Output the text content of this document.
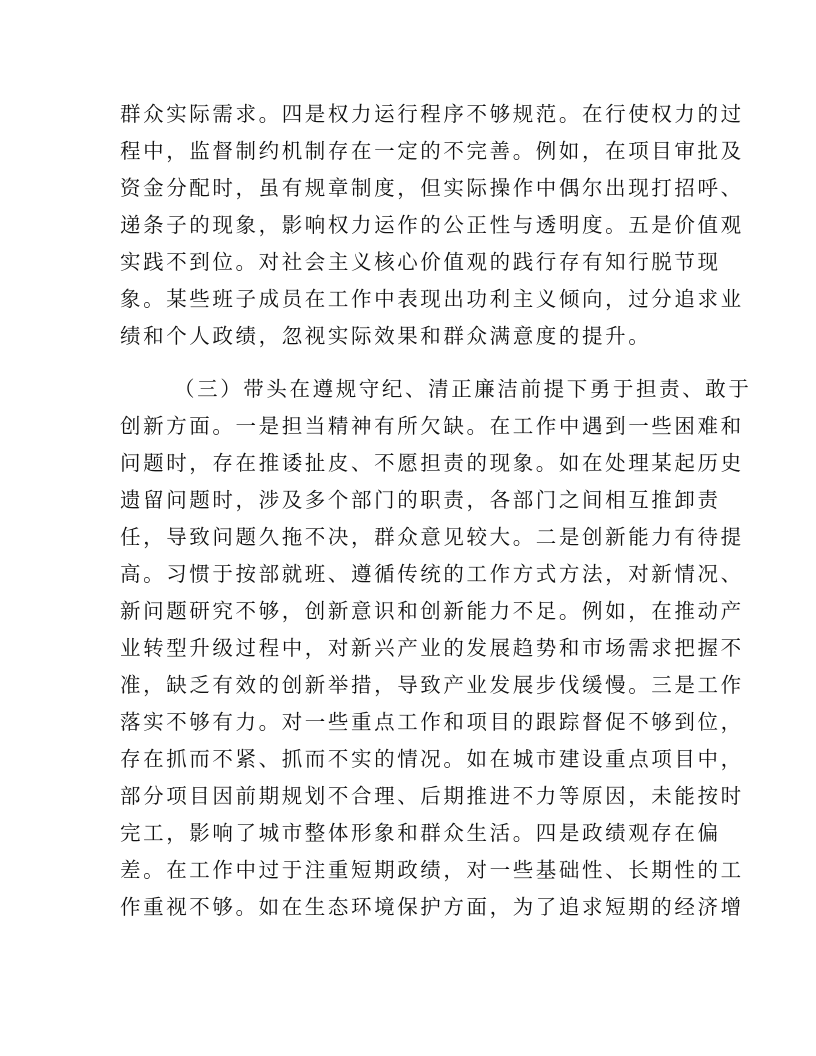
群众实际需求。四是权力运行程序不够规范。在行使权力的过
程中，监督制约机制存在一定的不完善。例如，在项目审批及
资金分配时，虽有规章制度，但实际操作中偶尔出现打招呼、
递条子的现象，影响权力运作的公正性与透明度。五是价值观
实践不到位。对社会主义核心价值观的践行存有知行脱节现
象。某些班子成员在工作中表现出功利主义倾向，过分追求业
绩和个人政绩，忽视实际效果和群众满意度的提升。
（三）带头在遵规守纪、清正廉洁前提下勇于担责、敢于
创新方面。一是担当精神有所欠缺。在工作中遇到一些困难和
问题时，存在推诿扯皮、不愿担责的现象。如在处理某起历史
遗留问题时，涉及多个部门的职责，各部门之间相互推卸责
任，导致问题久拖不决，群众意见较大。二是创新能力有待提
高。习惯于按部就班、遵循传统的工作方式方法，对新情况、
新问题研究不够，创新意识和创新能力不足。例如，在推动产
业转型升级过程中，对新兴产业的发展趋势和市场需求把握不
准，缺乏有效的创新举措，导致产业发展步伐缓慢。三是工作
落实不够有力。对一些重点工作和项目的跟踪督促不够到位，
存在抓而不紧、抓而不实的情况。如在城市建设重点项目中，
部分项目因前期规划不合理、后期推进不力等原因，未能按时
完工，影响了城市整体形象和群众生活。四是政绩观存在偏
差。在工作中过于注重短期政绩，对一些基础性、长期性的工
作重视不够。如在生态环境保护方面，为了追求短期的经济增
